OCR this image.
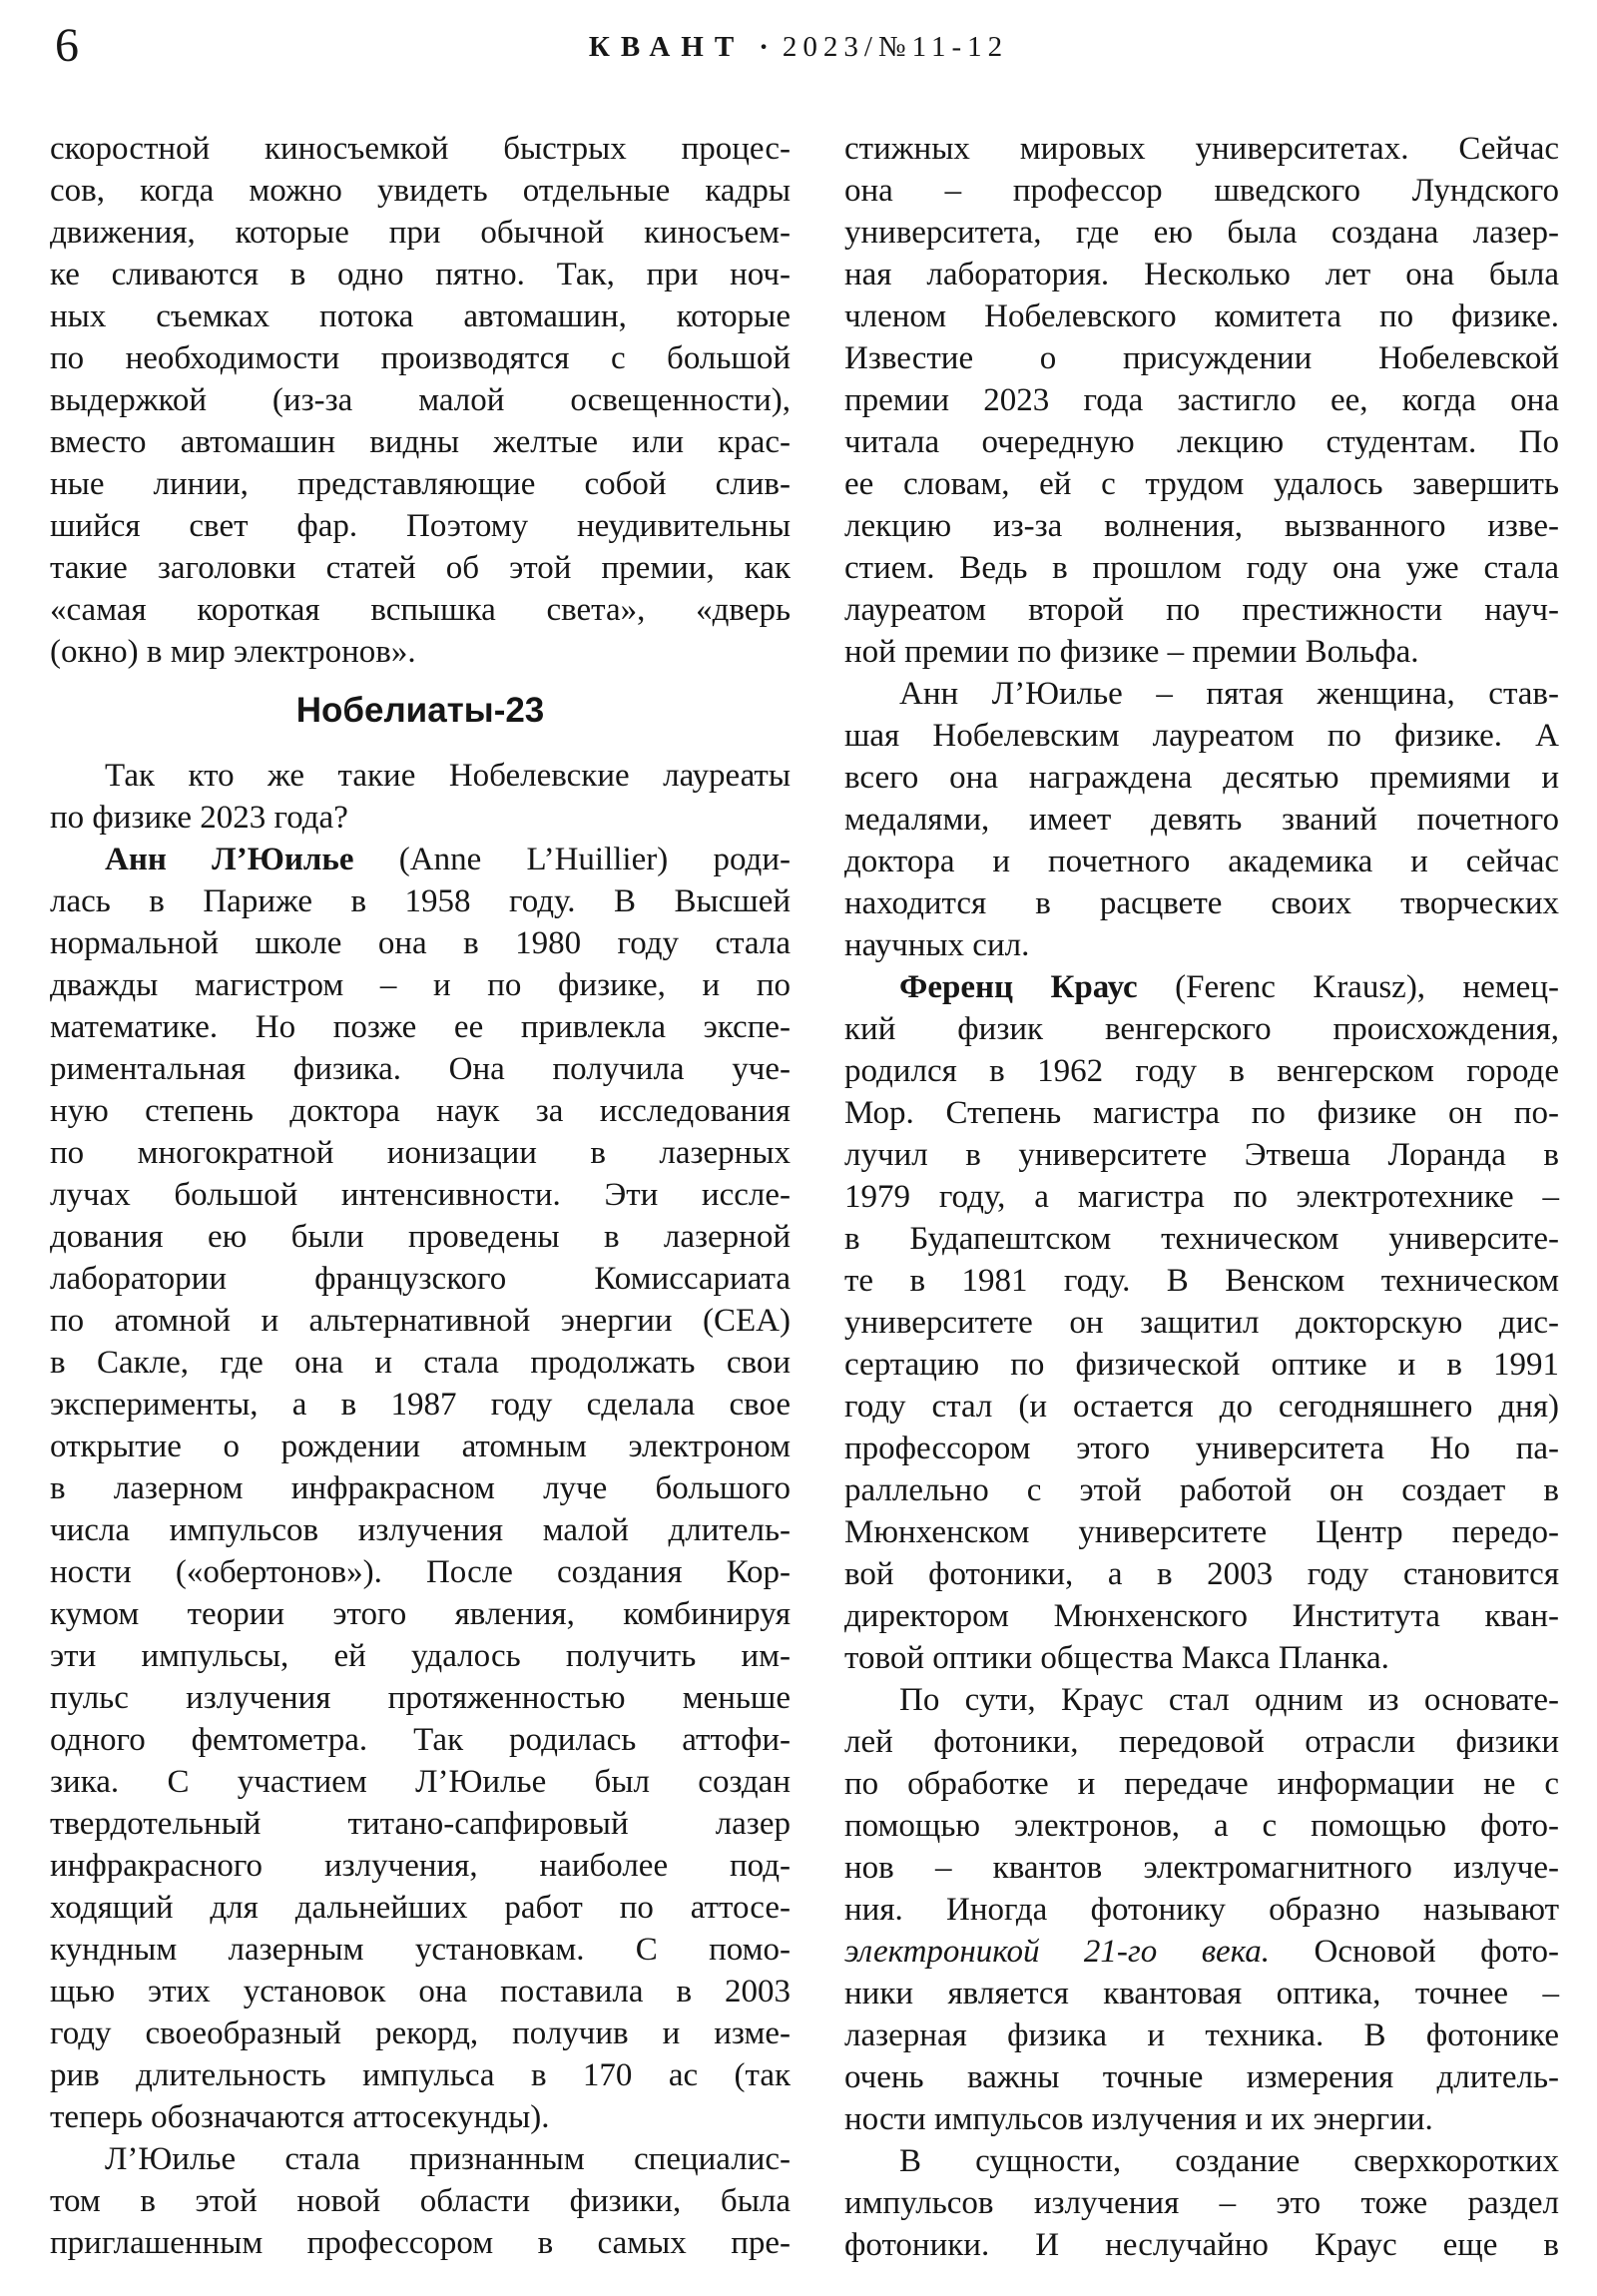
6	КВАНТ · 2023/№11-12
скоростной киносъемкой быстрых процес-
сов, когда можно увидеть отдельные кадры
движения, которые при обычной киносъем-
ке сливаются в одно пятно. Так, при ноч-
ных съемках потока автомашин, которые
по необходимости производятся с большой
выдержкой (из-за малой освещенности),
вместо автомашин видны желтые или крас-
ные линии, представляющие собой слив-
шийся свет фар. Поэтому неудивительны
такие заголовки статей об этой премии, как
«самая короткая вспышка света», «дверь
(окно) в мир электронов».
Нобелиаты-23
Так кто же такие Нобелевские лауреаты
по физике 2023 года?
Анн Л’Юилье (Anne L’Huillier) роди-
лась в Париже в 1958 году. В Высшей
нормальной школе она в 1980 году стала
дважды магистром – и по физике, и по
математике. Но позже ее привлекла экспе-
риментальная физика. Она получила уче-
ную степень доктора наук за исследования
по многократной ионизации в лазерных
лучах большой интенсивности. Эти иссле-
дования ею были проведены в лазерной
лаборатории французского Комиссариата
по атомной и альтернативной энергии (CEA)
в Сакле, где она и стала продолжать свои
эксперименты, а в 1987 году сделала свое
открытие о рождении атомным электроном
в лазерном инфракрасном луче большого
числа импульсов излучения малой длитель-
ности («обертонов»). После создания Кор-
кумом теории этого явления, комбинируя
эти импульсы, ей удалось получить им-
пульс излучения протяженностью меньше
одного фемтометра. Так родилась аттофи-
зика. С участием Л’Юилье был создан
твердотельный титано-сапфировый лазер
инфракрасного излучения, наиболее под-
ходящий для дальнейших работ по аттосе-
кундным лазерным установкам. С помо-
щью этих установок она поставила в 2003
году своеобразный рекорд, получив и изме-
рив длительность импульса в 170 ас (так
теперь обозначаются аттосекунды).
Л’Юилье стала признанным специалис-
том в этой новой области физики, была
приглашенным профессором в самых пре-
стижных мировых университетах. Сейчас
она – профессор шведского Лундского
университета, где ею была создана лазер-
ная лаборатория. Несколько лет она была
членом Нобелевского комитета по физике.
Известие о присуждении Нобелевской
премии 2023 года застигло ее, когда она
читала очередную лекцию студентам. По
ее словам, ей с трудом удалось завершить
лекцию из-за волнения, вызванного изве-
стием. Ведь в прошлом году она уже стала
лауреатом второй по престижности науч-
ной премии по физике – премии Вольфа.
Анн Л’Юилье – пятая женщина, став-
шая Нобелевским лауреатом по физике. А
всего она награждена десятью премиями и
медалями, имеет девять званий почетного
доктора и почетного академика и сейчас
находится в расцвете своих творческих
научных сил.
Ференц Краус (Ferenc Krausz), немец-
кий физик венгерского происхождения,
родился в 1962 году в венгерском городе
Мор. Степень магистра по физике он по-
лучил в университете Этвеша Лоранда в
1979 году, а магистра по электротехнике –
в Будапештском техническом университе-
те в 1981 году. В Венском техническом
университете он защитил докторскую дис-
сертацию по физической оптике и в 1991
году стал (и остается до сегодняшнего дня)
профессором этого университета Но па-
раллельно с этой работой он создает в
Мюнхенском университете Центр передо-
вой фотоники, а в 2003 году становится
директором Мюнхенского Института кван-
товой оптики общества Макса Планка.
По сути, Краус стал одним из основате-
лей фотоники, передовой отрасли физики
по обработке и передаче информации не с
помощью электронов, а с помощью фото-
нов – квантов электромагнитного излуче-
ния. Иногда фотонику образно называют
электроникой 21-го века. Основой фото-
ники является квантовая оптика, точнее –
лазерная физика и техника. В фотонике
очень важны точные измерения длитель-
ности импульсов излучения и их энергии.
В сущности, создание сверхкоротких
импульсов излучения – это тоже раздел
фотоники. И неслучайно Краус еще в
